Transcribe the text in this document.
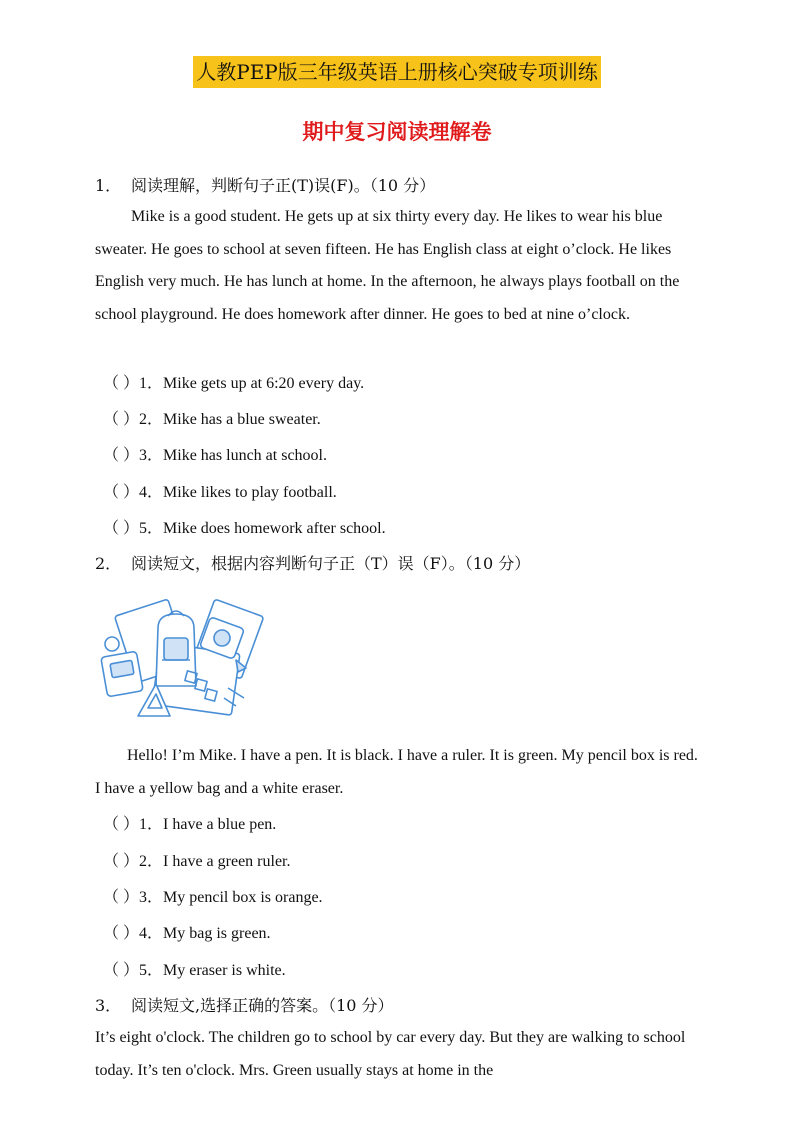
人教PEP版三年级英语上册核心突破专项训练
期中复习阅读理解卷
1． 阅读理解，判断句子正(T)误(F)。（10 分）
Mike is a good student. He gets up at six thirty every day. He likes to wear his blue sweater. He goes to school at seven fifteen. He has English class at eight o’clock. He likes English very much. He has lunch at home. In the afternoon, he always plays football on the school playground. He does homework after dinner. He goes to bed at nine o’clock.
（ ）1．Mike gets up at 6:20 every day.
（ ）2．Mike has a blue sweater.
（ ）3．Mike has lunch at school.
（ ）4．Mike likes to play football.
（ ）5．Mike does homework after school.
2． 阅读短文，根据内容判断句子正（T）误（F）。（10 分）
Hello! I’m Mike. I have a pen. It is black. I have a ruler. It is green. My pencil box is red. I have a yellow bag and a white eraser.
（ ）1．I have a blue pen.
（ ）2．I have a green ruler.
（ ）3．My pencil box is orange.
（ ）4．My bag is green.
（ ）5．My eraser is white.
3． 阅读短文,选择正确的答案。（10 分）
It’s eight o'clock. The children go to school by car every day. But they are walking to school today. It’s ten o'clock. Mrs. Green usually stays at home in the
